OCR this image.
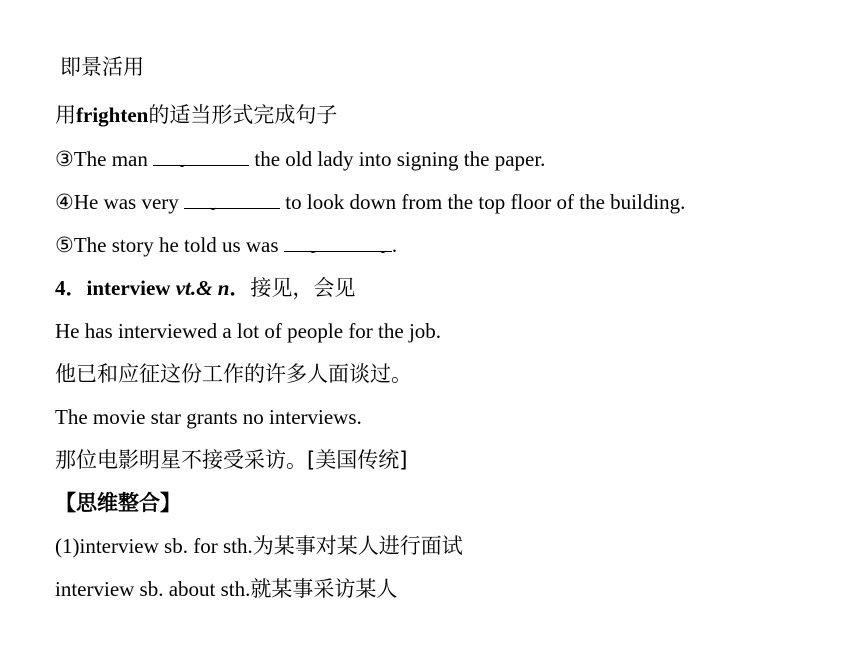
即景活用
用frighten的适当形式完成句子
③The man	the old lady into signing the paper.
④He was very	to look down from the top floor of the building.
⑤The story he told us was	.
4．interview vt.& n．接见，会见
He has interviewed a lot of people for the job.
他已和应征这份工作的许多人面谈过。
The movie star grants no interviews.
那位电影明星不接受采访。[美国传统]
【思维整合】
(1)interview sb. for sth.为某事对某人进行面试
interview sb. about sth.就某事采访某人
